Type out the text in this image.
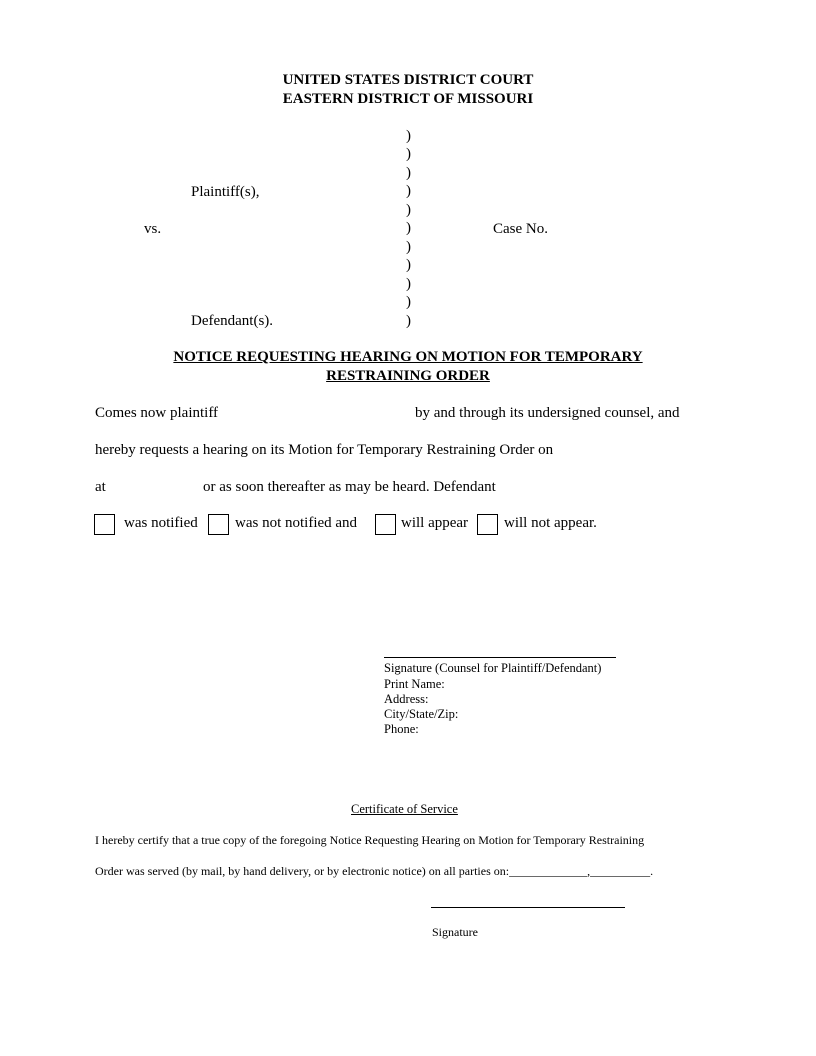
UNITED STATES DISTRICT COURT
EASTERN DISTRICT OF MISSOURI
)
)
)
)
)
)
)
)
)
)
)
Plaintiff(s),
vs.	Case No.
Defendant(s).
NOTICE REQUESTING HEARING ON MOTION FOR TEMPORARY
RESTRAINING ORDER
Comes now plaintiff	by and through its undersigned counsel, and
hereby requests a hearing on its Motion for Temporary Restraining Order on
at	or as soon thereafter as may be heard. Defendant
was notified was not notified and	will appear will not appear.
Signature (Counsel for Plaintiff/Defendant)
Print Name:
Address:
City/State/Zip:
Phone:
Certificate of Service
I hereby certify that a true copy of the foregoing Notice Requesting Hearing on Motion for Temporary Restraining
Order was served (by mail, by hand delivery, or by electronic notice) on all parties on:_____________,__________.
Signature
